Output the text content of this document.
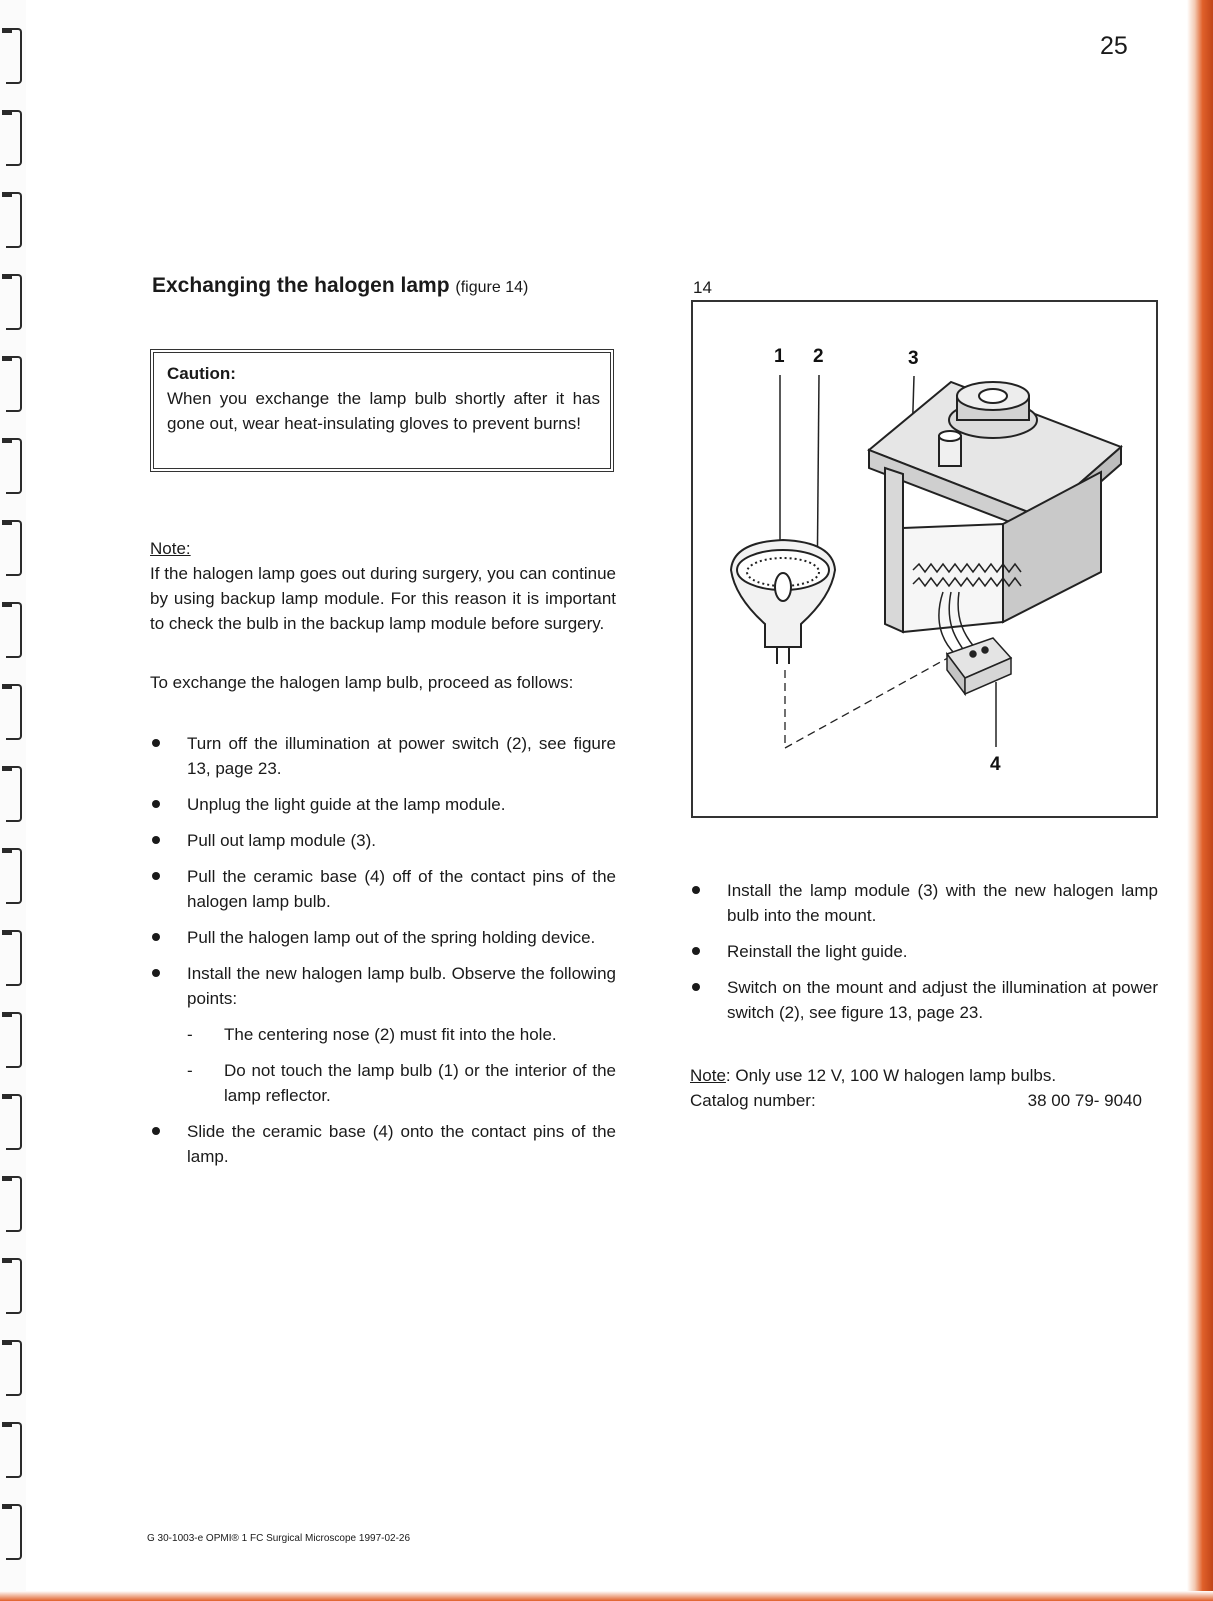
25
Exchanging the halogen lamp (figure 14)
Caution:
When you exchange the lamp bulb shortly after it has gone out, wear heat-insulating gloves to prevent burns!
Note:
If the halogen lamp goes out during surgery, you can continue by using backup lamp module. For this reason it is important to check the bulb in the backup lamp module before surgery.
To exchange the halogen lamp bulb, proceed as follows:
Turn off the illumination at power switch (2), see figure 13, page 23.
Unplug the light guide at the lamp module.
Pull out lamp module (3).
Pull the ceramic base (4) off of the contact pins of the halogen lamp bulb.
Pull the halogen lamp out of the spring holding device.
Install the new halogen lamp bulb. Observe the following points:
- The centering nose (2) must fit into the hole.
- Do not touch the lamp bulb (1) or the interior of the lamp reflector.
Slide the ceramic base (4) onto the contact pins of the lamp.
14
1 2	3
4
Install the lamp module (3) with the new halogen lamp bulb into the mount.
Reinstall the light guide.
Switch on the mount and adjust the illumination at power switch (2), see figure 13, page 23.
Note: Only use 12 V, 100 W halogen lamp bulbs.
Catalog number:	38 00 79- 9040
G 30-1003-e OPMI® 1 FC Surgical Microscope 1997-02-26
